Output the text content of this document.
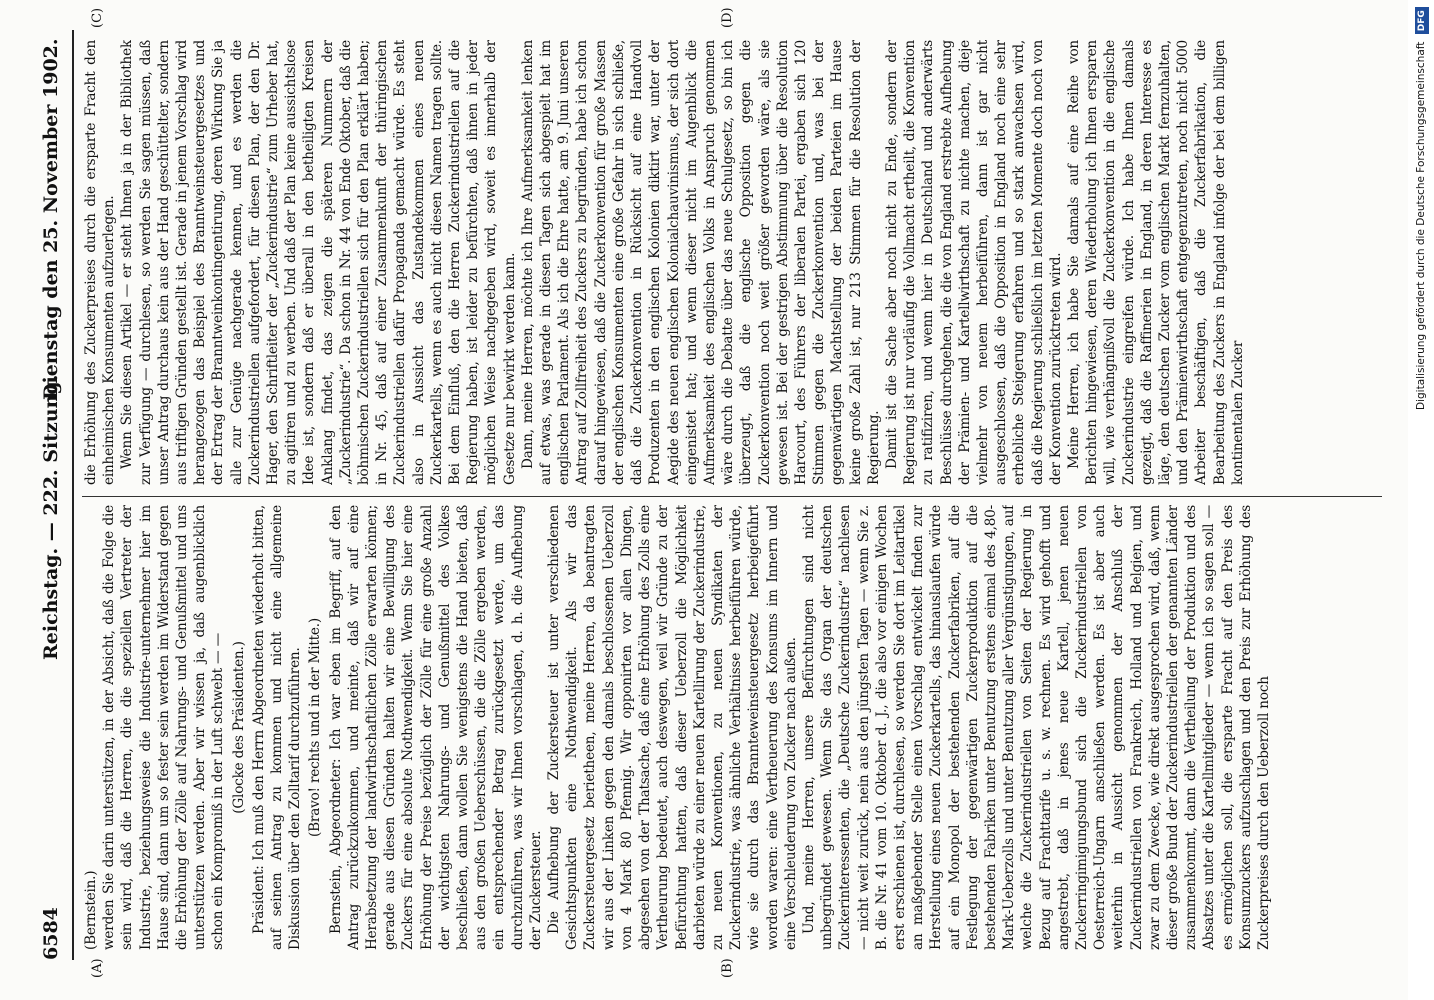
6584
Reichstag. — 222. Sitzung.
Dienstag den 25. November 1902.
(A)	(B)
(C)	(D)

(Bernstein.) werden Sie darin unterstützen, in der Absicht, daß die Folge die sein wird, daß die Herren, die die speziellen Vertreter der Industrie, beziehungsweise die Industrie-unternehmer hier im Hause sind, dann um so fester sein werden im Widerstand gegen die Erhöhung der Zölle auf Nahrungs- und Genußmittel und uns unterstützen werden. Aber wir wissen ja, daß augenblicklich schon ein Kompromiß in der Luft schwebt — — (Glocke des Präsidenten.) Präsident: Ich muß den Herrn Abgeordneten wiederholt bitten, auf seinen Antrag zu kommen und nicht eine allgemeine Diskussion über den Zolltarif durchzuführen. (Bravo! rechts und in der Mitte.) Bernstein, Abgeordneter: Ich war eben im Begriff, auf den Antrag zurückzukommen, und meinte, daß wir auf eine Herabsetzung der landwirthschaftlichen Zölle erwarten können; gerade aus diesen Gründen halten wir eine Bewilligung des Zuckers für eine absolute Nothwendigkeit. Wenn Sie hier eine Erhöhung der Preise bezüglich der Zölle für eine große Anzahl der wichtigsten Nahrungs- und Genußmittel des Volkes beschließen, dann wollen Sie wenigstens die Hand bieten, daß aus den großen Ueberschüssen, die die Zölle ergeben werden, ein entsprechender Betrag zurückgesetzt werde, um das durchzuführen, was wir Ihnen vorschlagen, d. h. die Aufhebung der Zuckersteuer. Die Aufhebung der Zuckersteuer ist unter verschiedenen Gesichtspunkten eine Nothwendigkeit. Als wir das Zuckersteuergesetz berietheen, meine Herren, da beantragten wir aus der Linken gegen den damals beschlossenen Ueberzoll von 4 Mark 80 Pfennig. Wir opponirten vor allen Dingen, abgesehen von der Thatsache, daß eine Erhöhung des Zolls eine Vertheurung bedeutet, auch deswegen, weil wir Gründe zu der Befürchtung hatten, daß dieser Ueberzoll die Möglichkeit darbieten würde zu einer neuen Kartellirung der Zuckerindustrie, zu neuen Konventionen, zu neuen Syndikaten der Zuckerindustrie, was ähnliche Verhältnisse herbeiführen würde, wie sie durch das Brannteweinsteuergesetz herbeigeführt worden waren: eine Vertheuerung des Konsums im Innern und eine Verschleuderung von Zucker nach außen. Und, meine Herren, unsere Befürchtungen sind nicht unbegründet gewesen. Wenn Sie das Organ der deutschen Zuckerinteressenten, die „Deutsche Zuckerindustrie“ nachlesen — nicht weit zurück, nein aus den jüngsten Tagen — wenn Sie z. B. die Nr. 41 vom 10. Oktober d. J., die also vor einigen Wochen erst erschienen ist, durchlesen, so werden Sie dort im Leitartikel an maßgebender Stelle einen Vorschlag entwickelt finden zur Herstellung eines neuen Zuckerkartells, das hinauslaufen würde auf ein Monopol der bestehenden Zuckerfabriken, auf die Festlegung der gegenwärtigen Zuckerproduktion auf die bestehenden Fabriken unter Benutzung erstens einmal des 4,80-Mark-Ueberzolls und unter Benutzung aller Vergünstigungen, auf welche die Zuckerindustriellen von Seiten der Regierung in Bezug auf Frachttarife u. s. w. rechnen. Es wird gehofft und angestrebt, daß in jenes neue Kartell, jenen neuen Zuckerringimigungsbund sich die Zuckerindustriellen von Oesterreich-Ungarn anschließen werden. Es ist aber auch weiterhin in Aussicht genommen der Anschluß der Zuckerindustriellen von Frankreich, Holland und Belgien, und zwar zu dem Zwecke, wie direkt ausgesprochen wird, daß, wenn dieser große Bund der Zuckerindustriellen der genannten Länder zusammenkommt, dann die Vertheilung der Produktion und des Absatzes unter die Kartellmitglieder — wenn ich so sagen soll — es ermöglichen soll, die ersparte Fracht auf den Preis des Konsumzuckers aufzuschlagen und den Preis zur Erhöhung des Zuckerpreises durch den Ueberzoll noch

die Erhöhung des Zuckerpreises durch die ersparte Fracht den einheimischen Konsumenten aufzuerlegen. Wenn Sie diesen Artikel — er steht Ihnen ja in der Bibliothek zur Verfügung — durchlesen, so werden Sie sagen müssen, daß unser Antrag durchaus kein aus der Hand geschüttelter, sondern aus triftigen Gründen gestellt ist. Gerade in jenem Vorschlag wird herangezogen das Beispiel des Branntweinsteuergesetzes und der Ertrag der Branntweinkontingentirung, deren Wirkung Sie ja alle zur Genüge nachgerade kennen, und es werden die Zuckerindustriellen aufgefordert, für diesen Plan, der den Dr. Hager, den Schriftleiter der „Zuckerindustrie“ zum Urheber hat, zu agitiren und zu werben. Und daß der Plan keine aussichtslose Idee ist, sondern daß er überall in den betheiligten Kreisen Anklang findet, das zeigen die späteren Nummern der „Zuckerindustrie“. Da schon in Nr. 44 von Ende Oktober, daß die böhmischen Zuckerindustriellen sich für den Plan erklärt haben; in Nr. 45, daß auf einer Zusammenkunft der thüringischen Zuckerindustriellen dafür Propaganda gemacht würde. Es steht also in Aussicht das Zustandekommen eines neuen Zuckerkartells, wenn es auch nicht diesen Namen tragen sollte. Bei dem Einfluß, den die Herren Zuckerindustriellen auf die Regierung haben, ist leider zu befürchten, daß ihnen in jeder möglichen Weise nachgegeben wird, soweit es innerhalb der Gesetze nur bewirkt werden kann. Dann, meine Herren, möchte ich Ihre Aufmerksamkeit lenken auf etwas, was gerade in diesen Tagen sich abgespielt hat im englischen Parlament. Als ich die Ehre hatte, am 9. Juni unseren Antrag auf Zollfreiheit des Zuckers zu begründen, habe ich schon darauf hingewiesen, daß die Zuckerkonvention für große Massen der englischen Konsumenten eine große Gefahr in sich schließe, daß die Zuckerkonvention in Rücksicht auf eine Handvoll Produzenten in den englischen Kolonien diktirt war, unter der Aegide des neuen englischen Kolonialchauvinismus, der sich dort eingenistet hat; und wenn dieser nicht im Augenblick die Aufmerksamkeit des englischen Volks in Anspruch genommen wäre durch die Debatte über das neue Schulgesetz, so bin ich überzeugt, daß die englische Opposition gegen die Zuckerkonvention noch weit größer geworden wäre, als sie gewesen ist. Bei der gestrigen Abstimmung über die Resolution Harcourt, des Führers der liberalen Partei, ergaben sich 120 Stimmen gegen die Zuckerkonvention und, was bei der gegenwärtigen Machtstellung der beiden Parteien im Hause keine große Zahl ist, nur 213 Stimmen für die Resolution der Regierung. Damit ist die Sache aber noch nicht zu Ende, sondern der Regierung ist nur vorläufig die Vollmacht ertheilt, die Konvention zu ratifiziren, und wenn hier in Deutschland und anderwärts Beschlüsse durchgehen, die die von England erstrebte Aufhebung der Prämien- und Kartellwirthschaft zu nichte machen, dieje vielmehr von neuem herbeiführen, dann ist gar nicht ausgeschlossen, daß die Opposition in England noch eine sehr erhebliche Steigerung erfahren und so stark anwachsen wird, daß die Regierung schließlich im letzten Momente doch noch von der Konvention zurücktreten wird. Meine Herren, ich habe Sie damals auf eine Reihe von Berichten hingewiesen, deren Wiederholung ich Ihnen ersparen will, wie verhängnißvoll die Zuckerkonvention in die englische Zuckerindustrie eingreifen würde. Ich habe Ihnen damals gezeigt, daß die Raffinerien in England, in deren Interesse es läge, den deutschen Zucker vom englischen Markt fernzuhalten, und den Prämienwirthschaft entgegenzutreten, noch nicht 5000 Arbeiter beschäftigen, daß die Zuckerfabrikation, die Bearbeitung des Zuckers in England infolge der bei dem billigen kontinentalen Zucker

Digitalisierung gefördert durch die Deutsche Forschungsgemeinschaft DFG
